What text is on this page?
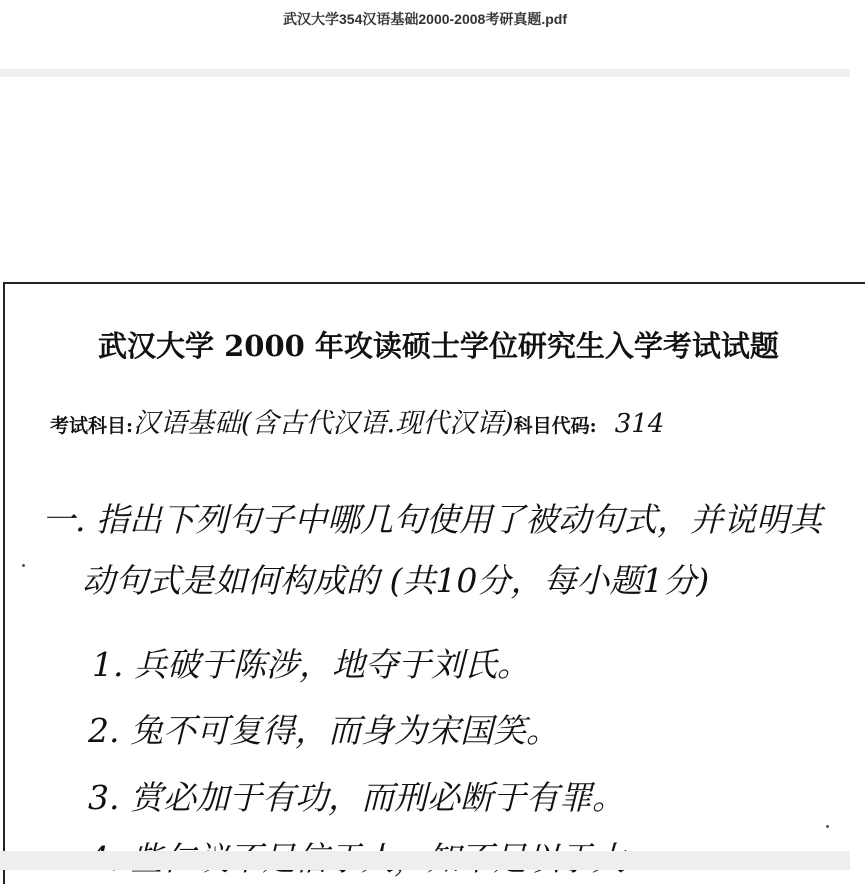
武汉大学354汉语基础2000-2008考研真题.pdf
武汉大学 2000 年攻读硕士学位研究生入学考试试题
考试科目:汉语基础(含古代汉语.现代汉语)科目代码: 314
一. 指出下列句子中哪几句使用了被动句式，并说明其
动句式是如何构成的 (共10分，每小题1分)
1. 兵破于陈涉，地夺于刘氏。
2. 兔不可复得，而身为宋国笑。
3. 赏必加于有功，而刑必断于有罪。
